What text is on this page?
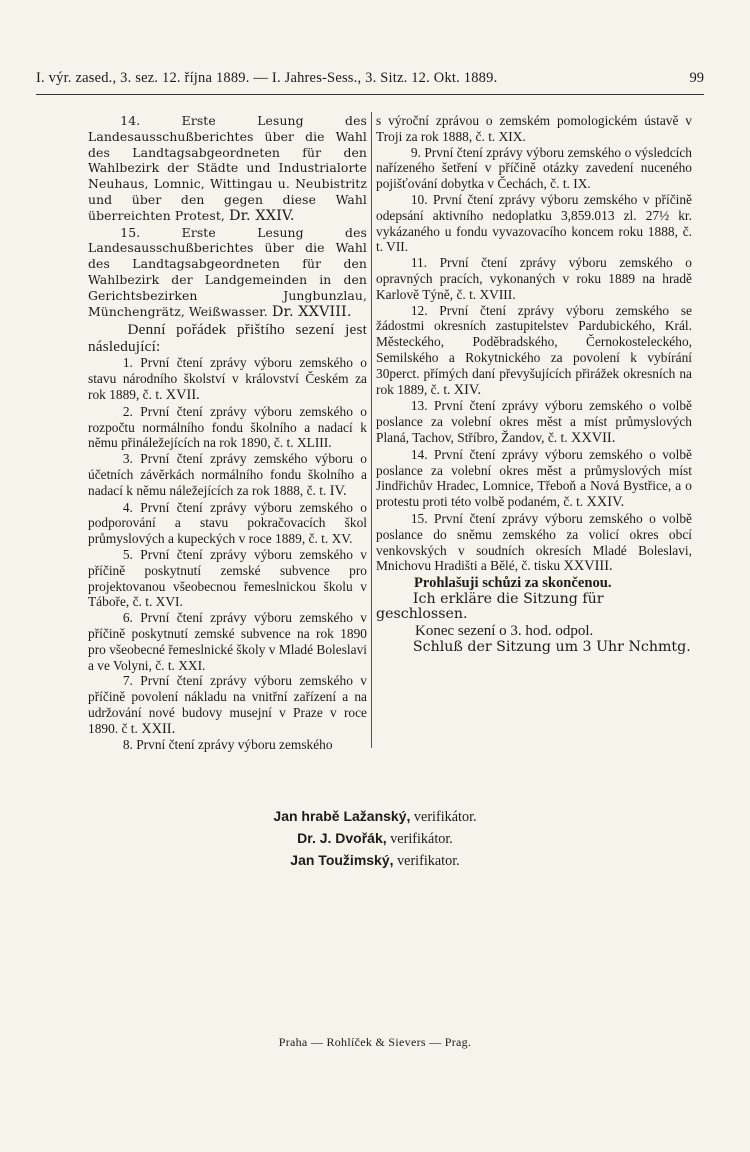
I. výr. zased., 3. sez. 12. října 1889. — I. Jahres-Sess., 3. Sitz. 12. Okt. 1889.	99

14.	Erste Lesung des Landesausschußberichtes über die Wahl des Landtagsabgeordneten für den Wahlbezirk der Städte und Industrialorte Neuhaus, Lomnic, Wittingau u. Neubistritz und über den gegen diese Wahl überreichten Protest, Dr. XXIV.

15.	Erste Lesung des Landesausschußberichtes über die Wahl des Landtagsabgeordneten für den Wahlbezirk der Landgemeinden in den Gerichtsbezirken Jungbunzlau, Münchengrätz, Weißwasser. Dr. XXVIII.

Denní pořádek přištího sezení jest následující:

1. První čtení zprávy výboru zemského o stavu národního školství v království Českém za rok 1889, č. t. XVII.

2. První čtení zprávy výboru zemského o rozpočtu normálního fondu školního a nadací k němu přináležejících na rok 1890, č. t. XLIII.

3. První čtení zprávy zemského výboru o účetních závěrkách normálního fondu školního a nadací k němu náležejících za rok 1888, č. t. IV.

4. První čtení zprávy výboru zemského o podporování a stavu pokračovacích škol průmyslových a kupeckých v roce 1889, č. t. XV.

5. První čtení zprávy výboru zemského v příčině poskytnutí zemské subvence pro projektovanou všeobecnou řemeslnickou školu v Táboře, č. t. XVI.

6. První čtení zprávy výboru zemského v příčině poskytnutí zemské subvence na rok 1890 pro všeobecné řemeslnické školy v Mladé Boleslavi a ve Volyni, č. t. XXI.

7. První čtení zprávy výboru zemského v příčině povolení nákladu na vnitřní zařízení a na udržování nové budovy musejní v Praze v roce 1890. č t. XXII.

8. První čtení zprávy výboru zemského

s výroční zprávou o zemském pomologickém ústavě v Troji za rok 1888, č. t. XIX.

9. První čtení zprávy výboru zemského o výsledcích nařízeného šetření v příčině otázky zavedení nuceného pojišťování dobytka v Čechách, č. t. IX.

10. První čtení zprávy výboru zemského v příčině odepsání aktivního nedoplatku 3,859.013 zl. 27½ kr. vykázaného u fondu vyvazovacího koncem roku 1888, č. t. VII.

11. První čtení zprávy výboru zemského o opravných pracích, vykonaných v roku 1889 na hradě Karlově Týně, č. t. XVIII.

12. První čtení zprávy výboru zemského se žádostmi okresních zastupitelstev Pardubického, Král. Městeckého, Poděbradského, Černokosteleckého, Semilského a Rokytnického za povolení k vybírání 30perct. přímých daní převyšujících přirážek okresních na rok 1889, č. t. XIV.

13. První čtení zprávy výboru zemského o volbě poslance za volební okres měst a míst průmyslových Planá, Tachov, Stříbro, Žandov, č. t. XXVII.

14. První čtení zprávy výboru zemského o volbě poslance za volební okres měst a průmyslových míst Jindřichův Hradec, Lomnice, Třeboň a Nová Bystřice, a o protestu proti této volbě podaném, č. t. XXIV.

15. První čtení zprávy výboru zemského o volbě poslance do sněmu zemského za volicí okres obcí venkovských v soudních okresích Mladé Boleslavi, Mnichovu Hradišti a Bělé, č. tisku XXVIII.

Prohlašuji schůzi za skončenou.

Ich erkläre die Sitzung für geschlossen.

Konec sezení o 3. hod. odpol.

Schluß der Sitzung um 3 Uhr Nchmtg.

Jan hrabě Lažanský, verifikátor.
Dr. J. Dvořák, verifikátor.
Jan Toužimský, verifikator.
Praha — Rohlíček & Sievers — Prag.
